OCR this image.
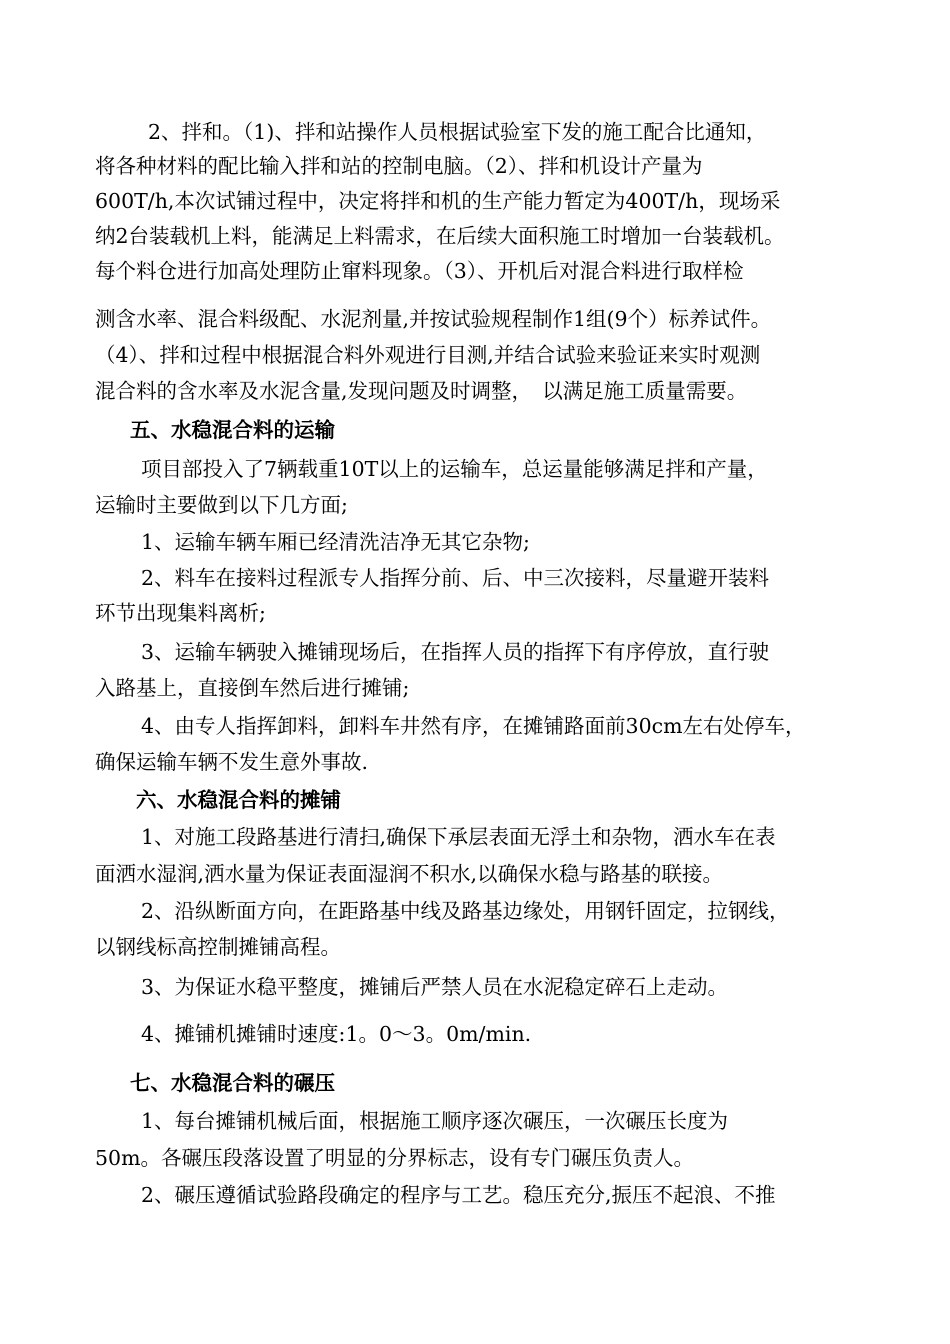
2、拌和。（1)、拌和站操作人员根据试验室下发的施工配合比通知，
将各种材料的配比输入拌和站的控制电脑。（2）、拌和机设计产量为
600T/h,本次试铺过程中，决定将拌和机的生产能力暂定为400T/h，现场采
纳2台装载机上料，能满足上料需求，在后续大面积施工时增加一台装载机。
每个料仓进行加高处理防止窜料现象。（3）、开机后对混合料进行取样检
测含水率、混合料级配、水泥剂量,并按试验规程制作1组(9个）标养试件。
（4）、拌和过程中根据混合料外观进行目测,并结合试验来验证来实时观测
混合料的含水率及水泥含量,发现问题及时调整，　以满足施工质量需要。
五、水稳混合料的运输
项目部投入了7辆载重10T以上的运输车，总运量能够满足拌和产量，
运输时主要做到以下几方面;
1、运输车辆车厢已经清洗洁净无其它杂物;
2、料车在接料过程派专人指挥分前、后、中三次接料，尽量避开装料
环节出现集料离析;
3、运输车辆驶入摊铺现场后，在指挥人员的指挥下有序停放，直行驶
入路基上，直接倒车然后进行摊铺;
4、由专人指挥卸料，卸料车井然有序，在摊铺路面前30cm左右处停车，
确保运输车辆不发生意外事故.
六、水稳混合料的摊铺
1、对施工段路基进行清扫,确保下承层表面无浮土和杂物，洒水车在表
面洒水湿润,洒水量为保证表面湿润不积水,以确保水稳与路基的联接。
2、沿纵断面方向，在距路基中线及路基边缘处，用钢钎固定，拉钢线，
以钢线标高控制摊铺高程。
3、为保证水稳平整度，摊铺后严禁人员在水泥稳定碎石上走动。
4、摊铺机摊铺时速度:1。0～3。0m/min.
七、水稳混合料的碾压
1、每台摊铺机械后面，根据施工顺序逐次碾压，一次碾压长度为
50m。各碾压段落设置了明显的分界标志，设有专门碾压负责人。
2、碾压遵循试验路段确定的程序与工艺。稳压充分,振压不起浪、不推
